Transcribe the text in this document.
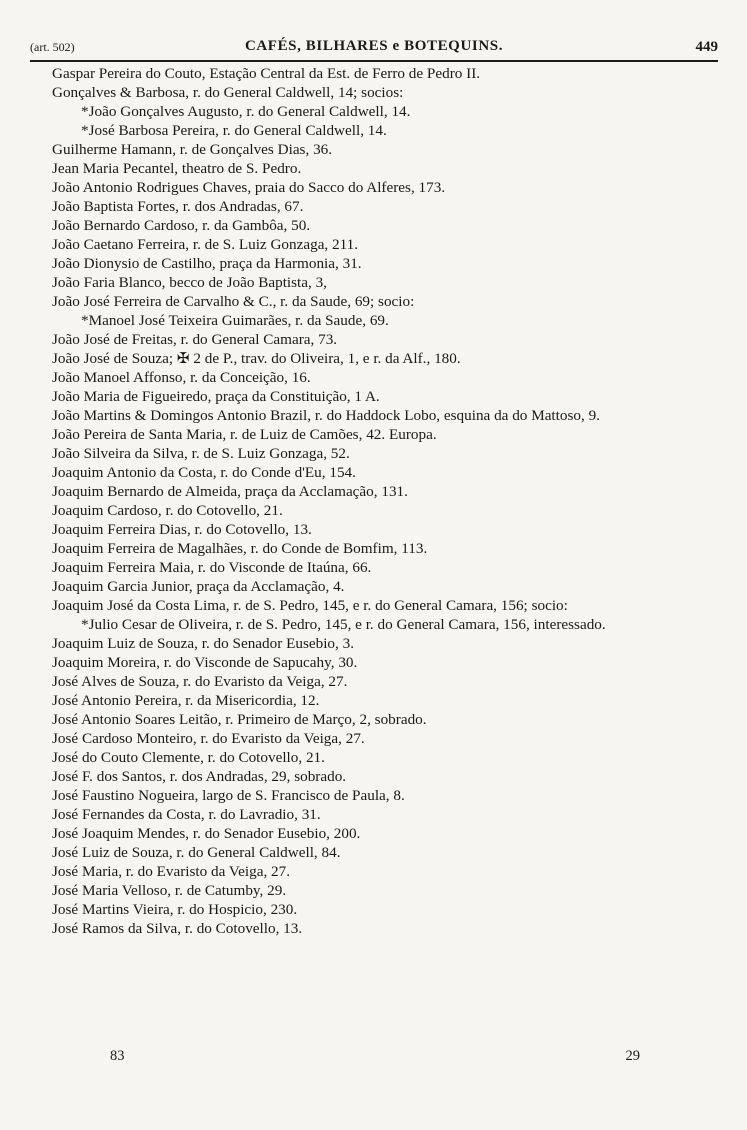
(art. 502)	CAFÉS, BILHARES e BOTEQUINS.	449
Gaspar Pereira do Couto, Estação Central da Est. de Ferro de Pedro II.
Gonçalves & Barbosa, r. do General Caldwell, 14; socios:
*João Gonçalves Augusto, r. do General Caldwell, 14.
*José Barbosa Pereira, r. do General Caldwell, 14.
Guilherme Hamann, r. de Gonçalves Dias, 36.
Jean Maria Pecantel, theatro de S. Pedro.
João Antonio Rodrigues Chaves, praia do Sacco do Alferes, 173.
João Baptista Fortes, r. dos Andradas, 67.
João Bernardo Cardoso, r. da Gambôa, 50.
João Caetano Ferreira, r. de S. Luiz Gonzaga, 211.
João Dionysio de Castilho, praça da Harmonia, 31.
João Faria Blanco, becco de João Baptista, 3,
João José Ferreira de Carvalho & C., r. da Saude, 69; socio:
*Manoel José Teixeira Guimarães, r. da Saude, 69.
João José de Freitas, r. do General Camara, 73.
João José de Souza; ✠ 2 de P., trav. do Oliveira, 1, e r. da Alf., 180.
João Manoel Affonso, r. da Conceição, 16.
João Maria de Figueiredo, praça da Constituição, 1 A.
João Martins & Domingos Antonio Brazil, r. do Haddock Lobo, esquina da do Mattoso, 9.
João Pereira de Santa Maria, r. de Luiz de Camões, 42. Europa.
João Silveira da Silva, r. de S. Luiz Gonzaga, 52.
Joaquim Antonio da Costa, r. do Conde d'Eu, 154.
Joaquim Bernardo de Almeida, praça da Acclamação, 131.
Joaquim Cardoso, r. do Cotovello, 21.
Joaquim Ferreira Dias, r. do Cotovello, 13.
Joaquim Ferreira de Magalhães, r. do Conde de Bomfim, 113.
Joaquim Ferreira Maia, r. do Visconde de Itaúna, 66.
Joaquim Garcia Junior, praça da Acclamação, 4.
Joaquim José da Costa Lima, r. de S. Pedro, 145, e r. do General Camara, 156; socio:
*Julio Cesar de Oliveira, r. de S. Pedro, 145, e r. do General Camara, 156, interessado.
Joaquim Luiz de Souza, r. do Senador Eusebio, 3.
Joaquim Moreira, r. do Visconde de Sapucahy, 30.
José Alves de Souza, r. do Evaristo da Veiga, 27.
José Antonio Pereira, r. da Misericordia, 12.
José Antonio Soares Leitão, r. Primeiro de Março, 2, sobrado.
José Cardoso Monteiro, r. do Evaristo da Veiga, 27.
José do Couto Clemente, r. do Cotovello, 21.
José F. dos Santos, r. dos Andradas, 29, sobrado.
José Faustino Nogueira, largo de S. Francisco de Paula, 8.
José Fernandes da Costa, r. do Lavradio, 31.
José Joaquim Mendes, r. do Senador Eusebio, 200.
José Luiz de Souza, r. do General Caldwell, 84.
José Maria, r. do Evaristo da Veiga, 27.
José Maria Velloso, r. de Catumby, 29.
José Martins Vieira, r. do Hospicio, 230.
José Ramos da Silva, r. do Cotovello, 13.
83	29
